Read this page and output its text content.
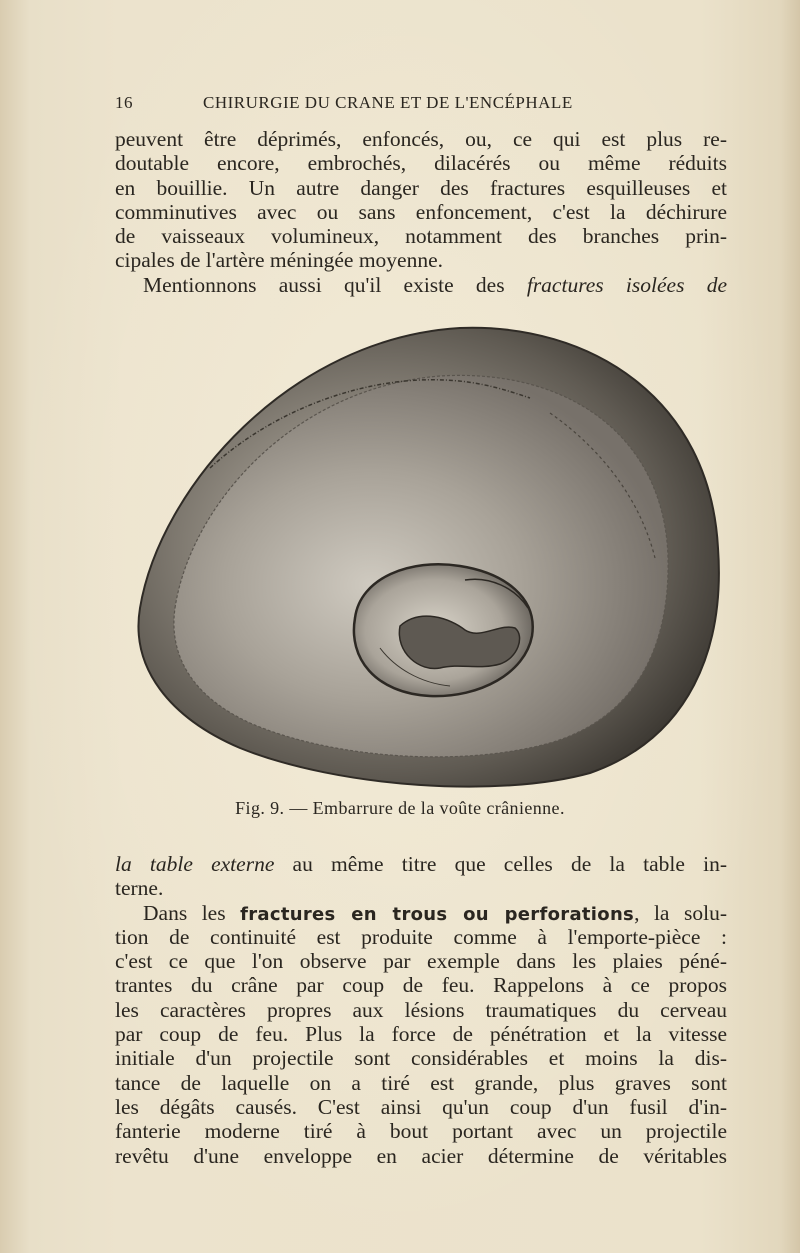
16	CHIRURGIE DU CRANE ET DE L'ENCÉPHALE
peuvent être déprimés, enfoncés, ou, ce qui est plus re-
doutable encore, embrochés, dilacérés ou même réduits
en bouillie. Un autre danger des fractures esquilleuses et
comminutives avec ou sans enfoncement, c'est la déchirure
de vaisseaux volumineux, notamment des branches prin-
cipales de l'artère méningée moyenne.
Mentionnons aussi qu'il existe des fractures isolées de
Fig. 9. — Embarrure de la voûte crânienne.
la table externe au même titre que celles de la table in-
terne.
Dans les fractures en trous ou perforations, la solu-
tion de continuité est produite comme à l'emporte-pièce :
c'est ce que l'on observe par exemple dans les plaies péné-
trantes du crâne par coup de feu. Rappelons à ce propos
les caractères propres aux lésions traumatiques du cerveau
par coup de feu. Plus la force de pénétration et la vitesse
initiale d'un projectile sont considérables et moins la dis-
tance de laquelle on a tiré est grande, plus graves sont
les dégâts causés. C'est ainsi qu'un coup d'un fusil d'in-
fanterie moderne tiré à bout portant avec un projectile
revêtu d'une enveloppe en acier détermine de véritables
